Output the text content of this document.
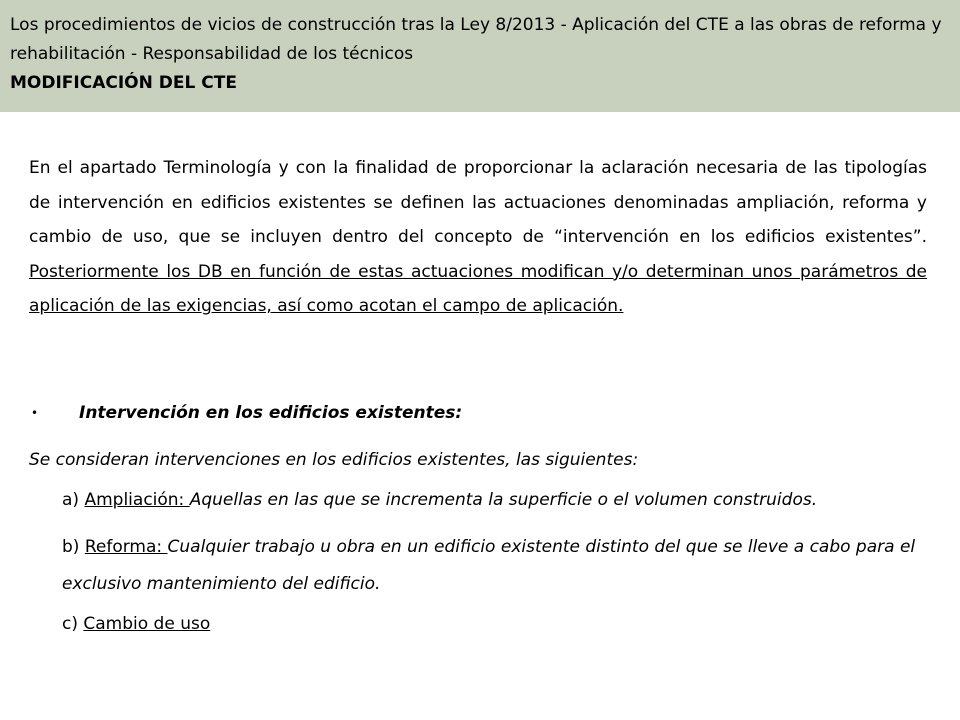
Los procedimientos de vicios de construcción tras la Ley 8/2013 - Aplicación del CTE a las obras de reforma y rehabilitación - Responsabilidad de los técnicos

MODIFICACIÓN DEL CTE

En el apartado Terminología y con la finalidad de proporcionar la aclaración necesaria de las tipologías de intervención en edificios existentes se definen las actuaciones denominadas ampliación, reforma y cambio de uso, que se incluyen dentro del concepto de “intervención en los edificios existentes”. Posteriormente los DB en función de estas actuaciones modifican y/o determinan unos parámetros de aplicación de las exigencias, así como acotan el campo de aplicación.

• Intervención en los edificios existentes:
Se consideran intervenciones en los edificios existentes, las siguientes:
a) Ampliación: Aquellas en las que se incrementa la superficie o el volumen construidos.
b) Reforma: Cualquier trabajo u obra en un edificio existente distinto del que se lleve a cabo para el exclusivo mantenimiento del edificio.
c) Cambio de uso
